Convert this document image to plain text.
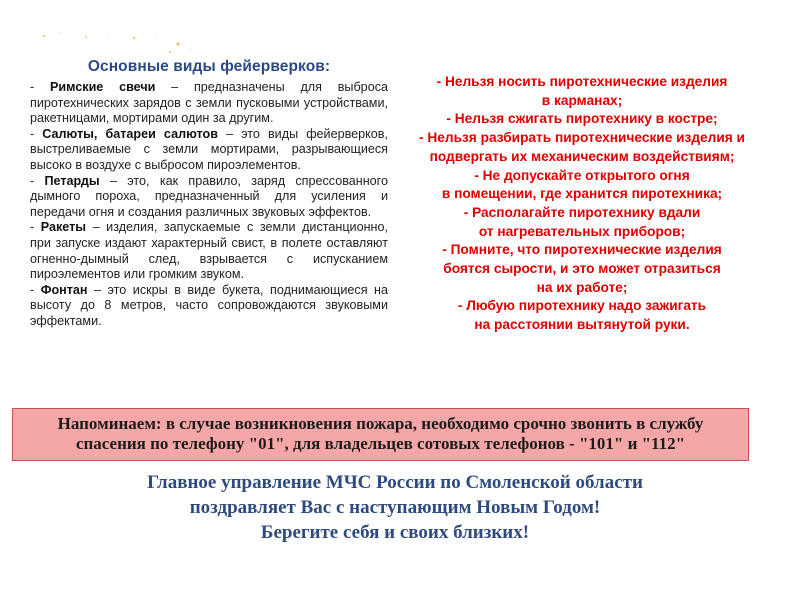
Основные виды фейерверков:

- Римские свечи – предназначены для выброса пиротехнических зарядов с земли пусковыми устройствами, ракетницами, мортирами один за другим.

- Салюты, батареи салютов – это виды фейерверков, выстреливаемые с земли мортирами, разрывающиеся высоко в воздухе с выбросом пироэлементов.

- Петарды – это, как правило, заряд спрессованного дымного пороха, предназначенный для усиления и передачи огня и создания различных звуковых эффектов.

- Ракеты – изделия, запускаемые с земли дистанционно, при запуске издают характерный свист, в полете оставляют огненно-дымный след, взрывается с испусканием пироэлементов или громким звуком.

- Фонтан – это искры в виде букета, поднимающиеся на высоту до 8 метров, часто сопровождаются звуковыми эффектами.

- Нельзя носить пиротехнические изделия
в карманах;
- Нельзя сжигать пиротехнику в костре;
- Нельзя разбирать пиротехнические изделия и
подвергать их механическим воздействиям;
- Не допускайте открытого огня
в помещении, где хранится пиротехника;
- Располагайте пиротехнику вдали
от нагревательных приборов;
- Помните, что пиротехнические изделия
боятся сырости, и это может отразиться
на их работе;
- Любую пиротехнику надо зажигать
на расстоянии вытянутой руки.
Напоминаем: в случае возникновения пожара, необходимо срочно звонить в службу
спасения по телефону "01", для владельцев сотовых телефонов - "101" и "112"
Главное управление МЧС России по Смоленской области
поздравляет Вас с наступающим Новым Годом!
Берегите себя и своих близких!
